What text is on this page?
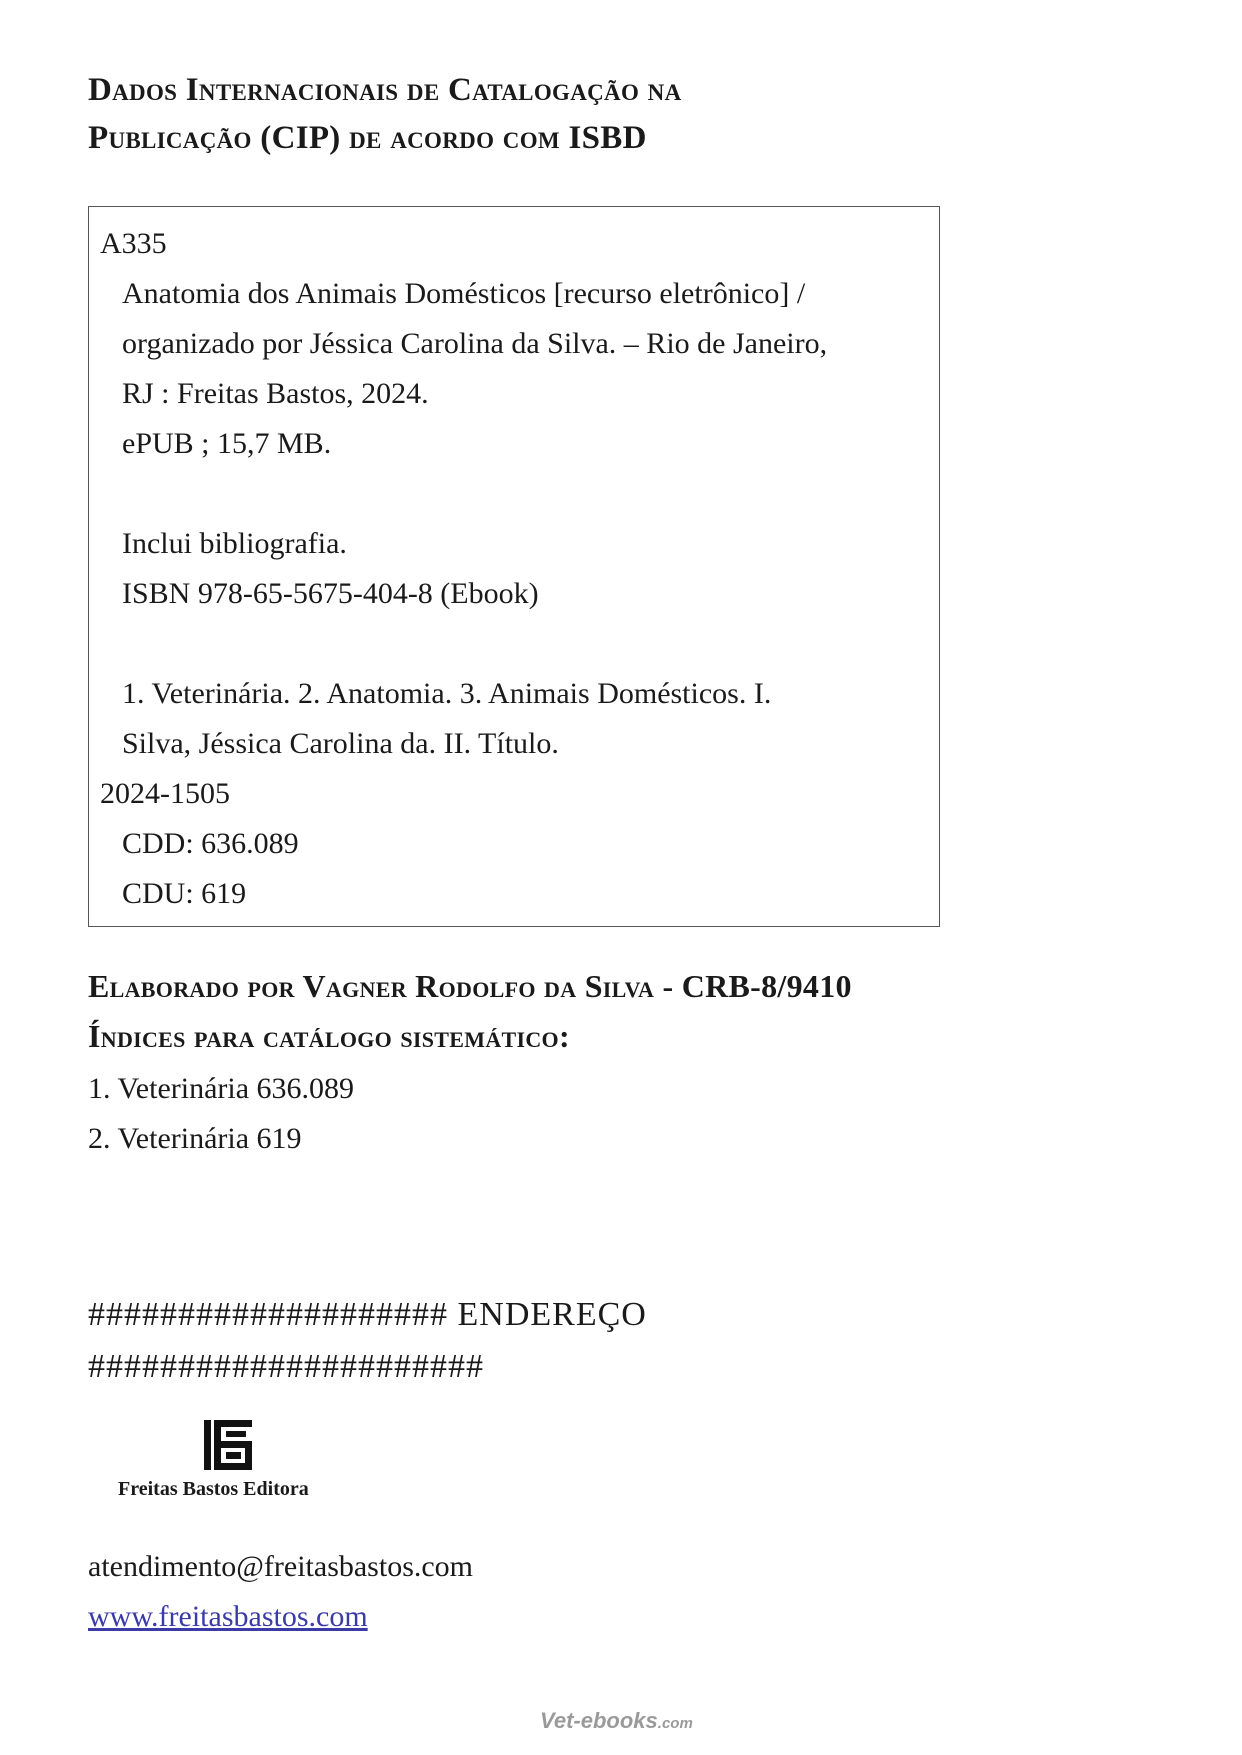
Dados Internacionais de Catalogação na
Publicação (CIP) de acordo com ISBD
A335
Anatomia dos Animais Domésticos [recurso eletrônico] /
organizado por Jéssica Carolina da Silva. – Rio de Janeiro,
RJ : Freitas Bastos, 2024.
ePUB ; 15,7 MB.
Inclui bibliografia.
ISBN 978-65-5675-404-8 (Ebook)
1. Veterinária. 2. Anatomia. 3. Animais Domésticos. I.
Silva, Jéssica Carolina da. II. Título.
2024-1505
CDD: 636.089
CDU: 619
Elaborado por Vagner Rodolfo da Silva - CRB-8/9410
Índices para catálogo sistemático:
1. Veterinária 636.089
2. Veterinária 619
#################### ENDEREÇO
######################
Freitas Bastos Editora
atendimento@freitasbastos.com
www.freitasbastos.com
Vet-ebooks.com
